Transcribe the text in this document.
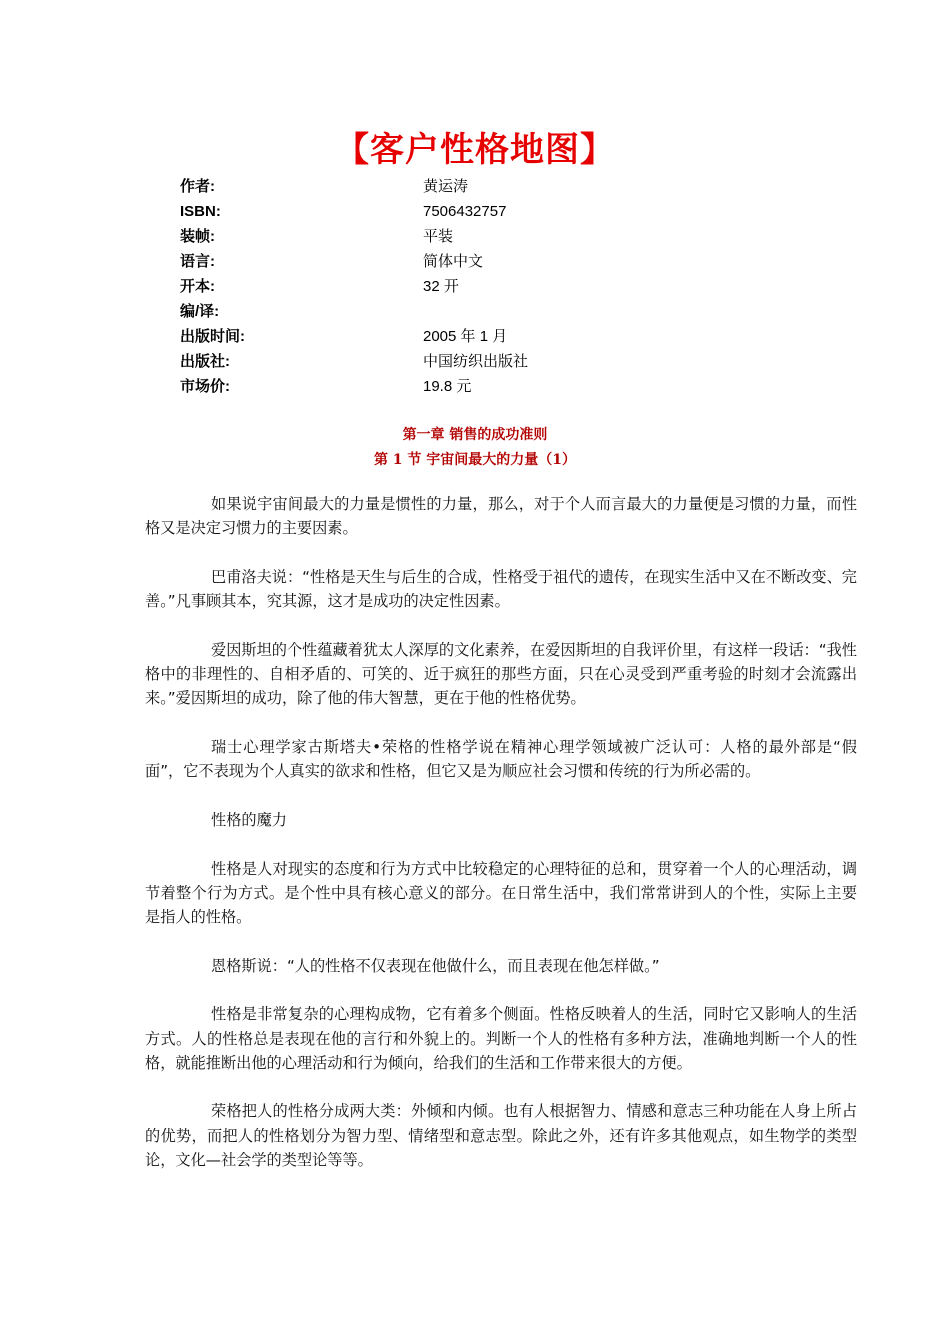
【客户性格地图】
作者:	黄运涛
ISBN:	7506432757
装帧:	平装
语言:	简体中文
开本:	32 开
编/译:
出版时间:	2005 年 1 月
出版社:	中国纺织出版社
市场价:	19.8 元
第一章 销售的成功准则
第 1 节 宇宙间最大的力量（1）

如果说宇宙间最大的力量是惯性的力量，那么，对于个人而言最大的力量便是习惯的力量，而性格又是决定习惯力的主要因素。

巴甫洛夫说：“性格是天生与后生的合成，性格受于祖代的遗传，在现实生活中又在不断改变、完善。”凡事顾其本，究其源，这才是成功的决定性因素。

爱因斯坦的个性蕴藏着犹太人深厚的文化素养，在爱因斯坦的自我评价里，有这样一段话：“我性格中的非理性的、自相矛盾的、可笑的、近于疯狂的那些方面，只在心灵受到严重考验的时刻才会流露出来。”爱因斯坦的成功，除了他的伟大智慧，更在于他的性格优势。

瑞士心理学家古斯塔夫•荣格的性格学说在精神心理学领域被广泛认可：人格的最外部是“假面”，它不表现为个人真实的欲求和性格，但它又是为顺应社会习惯和传统的行为所必需的。

性格的魔力

性格是人对现实的态度和行为方式中比较稳定的心理特征的总和，贯穿着一个人的心理活动，调节着整个行为方式。是个性中具有核心意义的部分。在日常生活中，我们常常讲到人的个性，实际上主要是指人的性格。

恩格斯说：“人的性格不仅表现在他做什么，而且表现在他怎样做。”

性格是非常复杂的心理构成物，它有着多个侧面。性格反映着人的生活，同时它又影响人的生活方式。人的性格总是表现在他的言行和外貌上的。判断一个人的性格有多种方法，准确地判断一个人的性格，就能推断出他的心理活动和行为倾向，给我们的生活和工作带来很大的方便。

荣格把人的性格分成两大类：外倾和内倾。也有人根据智力、情感和意志三种功能在人身上所占的优势，而把人的性格划分为智力型、情绪型和意志型。除此之外，还有许多其他观点，如生物学的类型论，文化—社会学的类型论等等。
